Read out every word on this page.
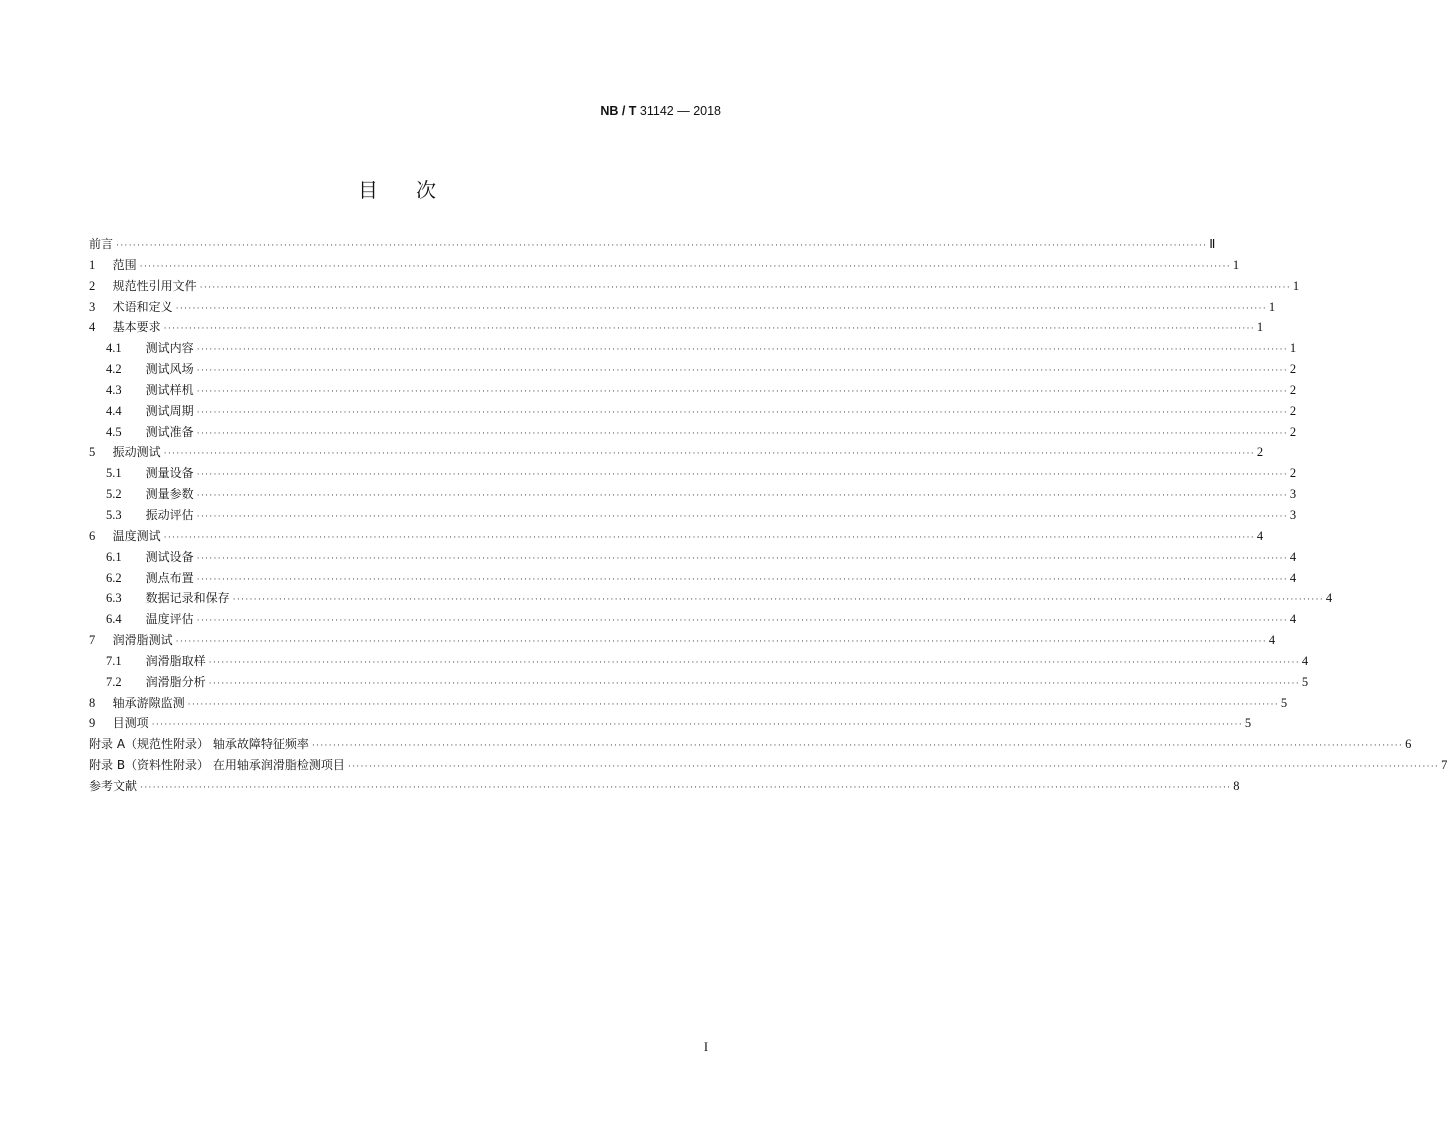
NB / T 31142 — 2018
目次
前言 ···································································································································································································································································· Ⅱ
1 范围 ···································································································································································································································································· 1
2 规范性引用文件 ···································································································································································································································································· 1
3 术语和定义 ···································································································································································································································································· 1
4 基本要求 ···································································································································································································································································· 1
4.1 测试内容 ···································································································································································································································································· 1
4.2 测试风场 ···································································································································································································································································· 2
4.3 测试样机 ···································································································································································································································································· 2
4.4 测试周期 ···································································································································································································································································· 2
4.5 测试准备 ···································································································································································································································································· 2
5 振动测试 ···································································································································································································································································· 2
5.1 测量设备 ···································································································································································································································································· 2
5.2 测量参数 ···································································································································································································································································· 3
5.3 振动评估 ···································································································································································································································································· 3
6 温度测试 ···································································································································································································································································· 4
6.1 测试设备 ···································································································································································································································································· 4
6.2 测点布置 ···································································································································································································································································· 4
6.3 数据记录和保存 ···································································································································································································································································· 4
6.4 温度评估 ···································································································································································································································································· 4
7 润滑脂测试 ···································································································································································································································································· 4
7.1 润滑脂取样 ···································································································································································································································································· 4
7.2 润滑脂分析 ···································································································································································································································································· 5
8 轴承游隙监测 ···································································································································································································································································· 5
9 目测项 ···································································································································································································································································· 5
附录 A（规范性附录） 轴承故障特征频率 ···································································································································································································································································· 6
附录 B（资料性附录） 在用轴承润滑脂检测项目 ···································································································································································································································································· 7
参考文献 ···································································································································································································································································· 8
I
